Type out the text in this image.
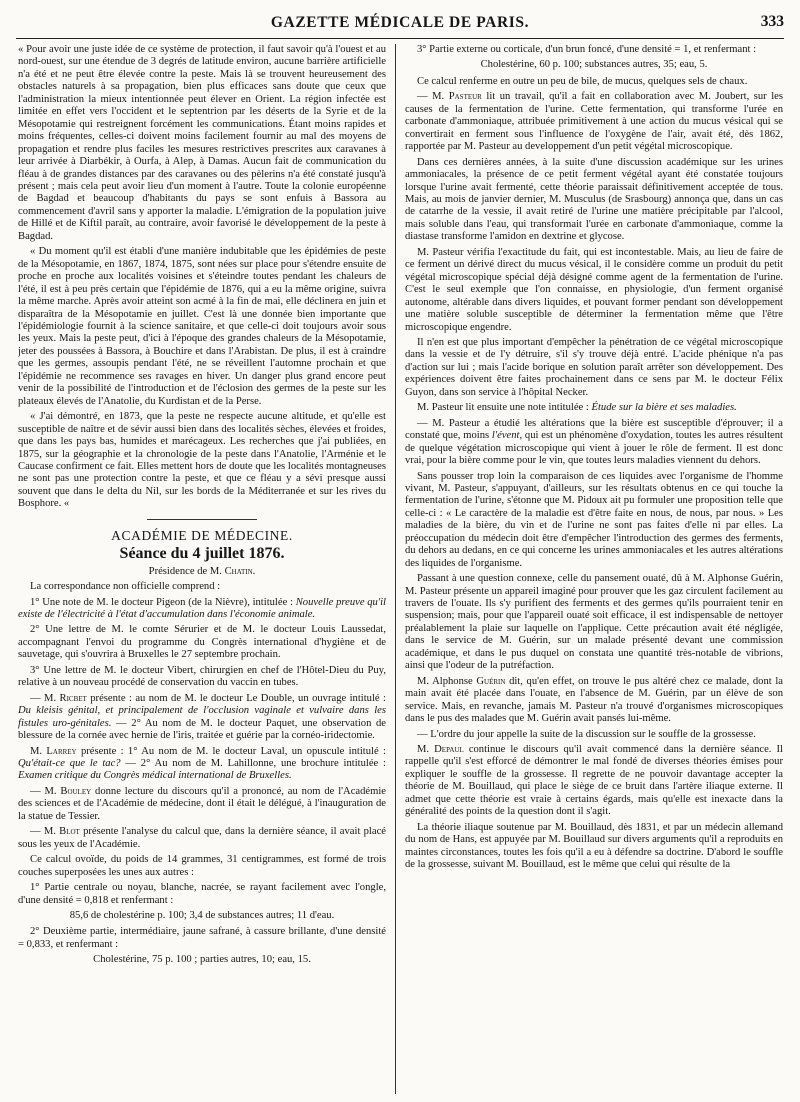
GAZETTE MÉDICALE DE PARIS.	333

« Pour avoir une juste idée de ce système de protection, il faut savoir qu'à l'ouest et au nord-ouest, sur une étendue de 3 degrés de latitude environ, aucune barrière artificielle n'a été et ne peut être élevée contre la peste. Mais là se trouvent heureusement des obstacles naturels à sa propagation, bien plus efficaces sans doute que ceux que l'administration la mieux intentionnée peut élever en Orient. La région infectée est limitée en effet vers l'occident et le septentrion par les déserts de la Syrie et de la Mésopotamie qui restreignent forcément les communications. Étant moins rapides et moins fréquentes, celles-ci doivent moins facilement fournir au mal des moyens de propagation et rendre plus faciles les mesures restrictives prescrites aux caravanes à leur arrivée à Diarbékir, à Ourfa, à Alep, à Damas. Aucun fait de communication du fléau à de grandes distances par des caravanes ou des pèlerins n'a été constaté jusqu'à présent ; mais cela peut avoir lieu d'un moment à l'autre. Toute la colonie européenne de Bagdad et beaucoup d'habitants du pays se sont enfuis à Bassora au commencement d'avril sans y apporter la maladie. L'émigration de la population juive de Hillé et de Kiftil paraît, au contraire, avoir favorisé le développement de la peste à Bagdad.

« Du moment qu'il est établi d'une manière indubitable que les épidémies de peste de la Mésopotamie, en 1867, 1874, 1875, sont nées sur place pour s'étendre ensuite de proche en proche aux localités voisines et s'éteindre toutes pendant les chaleurs de l'été, il est à peu près certain que l'épidémie de 1876, qui a eu la même origine, suivra la même marche. Après avoir atteint son acmé à la fin de mai, elle déclinera en juin et disparaîtra de la Mésopotamie en juillet. C'est là une donnée bien importante que l'épidémiologie fournit à la science sanitaire, et que celle-ci doit toujours avoir sous les yeux. Mais la peste peut, d'ici à l'époque des grandes chaleurs de la Mésopotamie, jeter des poussées à Bassora, à Bouchire et dans l'Arabistan. De plus, il est à craindre que les germes, assoupis pendant l'été, ne se réveillent l'automne prochain et que l'épidémie ne recommence ses ravages en hiver. Un danger plus grand encore peut venir de la possibilité de l'introduction et de l'éclosion des germes de la peste sur les plateaux élevés de l'Anatolie, du Kurdistan et de la Perse.

« J'ai démontré, en 1873, que la peste ne respecte aucune altitude, et qu'elle est susceptible de naître et de sévir aussi bien dans des localités sèches, élevées et froides, que dans les pays bas, humides et marécageux. Les recherches que j'ai publiées, en 1875, sur la géographie et la chronologie de la peste dans l'Anatolie, l'Arménie et le Caucase confirment ce fait. Elles mettent hors de doute que les localités montagneuses ne sont pas une protection contre la peste, et que ce fléau y a sévi presque aussi souvent que dans le delta du Nil, sur les bords de la Méditerranée et sur les rives du Bosphore. «

ACADÉMIE DE MÉDECINE.
Séance du 4 juillet 1876.

Présidence de M. Chatin.

La correspondance non officielle comprend :

1° Une note de M. le docteur Pigeon (de la Nièvre), intitulée : Nouvelle preuve qu'il existe de l'électricité à l'état d'accumulation dans l'économie animale.

2° Une lettre de M. le comte Sérurier et de M. le docteur Louis Laussedat, accompagnant l'envoi du programme du Congrès international d'hygiène et de sauvetage, qui s'ouvrira à Bruxelles le 27 septembre prochain.

3° Une lettre de M. le docteur Vibert, chirurgien en chef de l'Hôtel-Dieu du Puy, relative à un nouveau procédé de conservation du vaccin en tubes.

— M. Ricbet présente : au nom de M. le docteur Le Double, un ouvrage intitulé : Du kleisis génital, et principalement de l'occlusion vaginale et vulvaire dans les fistules uro-génitales. — 2° Au nom de M. le docteur Paquet, une observation de blessure de la cornée avec hernie de l'iris, traitée et guérie par la cornéo-iridectomie.

M. Larrey présente : 1° Au nom de M. le docteur Laval, un opuscule intitulé : Qu'était-ce que le tac? — 2° Au nom de M. Lahillonne, une brochure intitulée : Examen critique du Congrès médical international de Bruxelles.

— M. Bouley donne lecture du discours qu'il a prononcé, au nom de l'Académie des sciences et de l'Académie de médecine, dont il était le délégué, à l'inauguration de la statue de Tessier.

— M. Blot présente l'analyse du calcul que, dans la dernière séance, il avait placé sous les yeux de l'Académie.

Ce calcul ovoïde, du poids de 14 grammes, 31 centigrammes, est formé de trois couches superposées les unes aux autres :

1° Partie centrale ou noyau, blanche, nacrée, se rayant facilement avec l'ongle, d'une densité = 0,818 et renfermant :

85,6 de cholestérine p. 100; 3,4 de substances autres; 11 d'eau.

2° Deuxième partie, intermédiaire, jaune safrané, à cassure brillante, d'une densité = 0,833, et renfermant :

Cholestérine, 75 p. 100 ; parties autres, 10; eau, 15.

3° Partie externe ou corticale, d'un brun foncé, d'une densité = 1, et renfermant :

Cholestérine, 60 p. 100; substances autres, 35; eau, 5.

Ce calcul renferme en outre un peu de bile, de mucus, quelques sels de chaux.

— M. Pasteur lit un travail, qu'il a fait en collaboration avec M. Joubert, sur les causes de la fermentation de l'urine. Cette fermentation, qui transforme l'urée en carbonate d'ammoniaque, attribuée primitivement à une action du mucus vésical qui se convertirait en ferment sous l'influence de l'oxygène de l'air, avait été, dès 1862, rapportée par M. Pasteur au developpement d'un petit végétal microscopique.

Dans ces dernières années, à la suite d'une discussion académique sur les urines ammoniacales, la présence de ce petit ferment végétal ayant été constatée toujours lorsque l'urine avait fermenté, cette théorie paraissait définitivement acceptée de tous. Mais, au mois de janvier dernier, M. Musculus (de Srasbourg) annonça que, dans un cas de catarrhe de la vessie, il avait retiré de l'urine une matière précipitable par l'alcool, mais soluble dans l'eau, qui transformait l'urée en carbonate d'ammoniaque, comme la diastase transforme l'amidon en dextrine et glycose.

M. Pasteur vérifia l'exactitude du fait, qui est incontestable. Mais, au lieu de faire de ce ferment un dérivé direct du mucus vésical, il le considère comme un produit du petit végétal microscopique spécial déjà désigné comme agent de la fermentation de l'urine. C'est le seul exemple que l'on connaisse, en physiologie, d'un ferment organisé autonome, altérable dans divers liquides, et pouvant former pendant son développement une matière soluble susceptible de déterminer la fermentation même que l'être microscopique engendre.

Il n'en est que plus important d'empêcher la pénétration de ce végétal microscopique dans la vessie et de l'y détruire, s'il s'y trouve déjà entré. L'acide phénique n'a pas d'action sur lui ; mais l'acide borique en solution paraît arrêter son développement. Des expériences doivent être faites prochainement dans ce sens par M. le docteur Félix Guyon, dans son service à l'hôpital Necker.

M. Pasteur lit ensuite une note intitulée : Étude sur la bière et ses maladies.

— M. Pasteur a étudié les altérations que la bière est susceptible d'éprouver; il a constaté que, moins l'évent, qui est un phénomène d'oxydation, toutes les autres résultent de quelque végétation microscopique qui vient à jouer le rôle de ferment. Il est donc vrai, pour la bière comme pour le vin, que toutes leurs maladies viennent du dehors.

Sans pousser trop loin la comparaison de ces liquides avec l'organisme de l'homme vivant, M. Pasteur, s'appuyant, d'ailleurs, sur les résultats obtenus en ce qui touche la fermentation de l'urine, s'étonne que M. Pidoux ait pu formuler une proposition telle que celle-ci : « Le caractère de la maladie est d'être faite en nous, de nous, par nous. » Les maladies de la bière, du vin et de l'urine ne sont pas faites d'elle ni par elles. La préoccupation du médecin doit être d'empêcher l'introduction des germes des ferments, du dehors au dedans, en ce qui concerne les urines ammoniacales et les autres altérations des liquides de l'organisme.

Passant à une question connexe, celle du pansement ouaté, dû à M. Alphonse Guérin, M. Pasteur présente un appareil imaginé pour prouver que les gaz circulent facilement au travers de l'ouate. Ils s'y purifient des ferments et des germes qu'ils pourraient tenir en suspension; mais, pour que l'appareil ouaté soit efficace, il est indispensable de nettoyer préalablement la plaie sur laquelle on l'applique. Cette précaution avait été négligée, dans le service de M. Guérin, sur un malade présenté devant une commission académique, et dans le pus duquel on constata une quantité très-notable de vibrions, ainsi que l'odeur de la putréfaction.

M. Alphonse Guérin dit, qu'en effet, on trouve le pus altéré chez ce malade, dont la main avait été placée dans l'ouate, en l'absence de M. Guérin, par un élève de son service. Mais, en revanche, jamais M. Pasteur n'a trouvé d'organismes microscopiques dans le pus des malades que M. Guérin avait pansés lui-même.

— L'ordre du jour appelle la suite de la discussion sur le souffle de la grossesse.

M. Depaul continue le discours qu'il avait commencé dans la dernière séance. Il rappelle qu'il s'est efforcé de démontrer le mal fondé de diverses théories émises pour expliquer le souffle de la grossesse. Il regrette de ne pouvoir davantage accepter la théorie de M. Bouillaud, qui place le siège de ce bruit dans l'artère iliaque externe. Il admet que cette théorie est vraie à certains égards, mais qu'elle est inexacte dans la généralité des points de la question dont il s'agit.

La théorie iliaque soutenue par M. Bouillaud, dès 1831, et par un médecin allemand du nom de Hans, est appuyée par M. Bouillaud sur divers arguments qu'il a reproduits en maintes circonstances, toutes les fois qu'il a eu à défendre sa doctrine. D'abord le souffle de la grossesse, suivant M. Bouillaud, est le même que celui qui résulte de la
